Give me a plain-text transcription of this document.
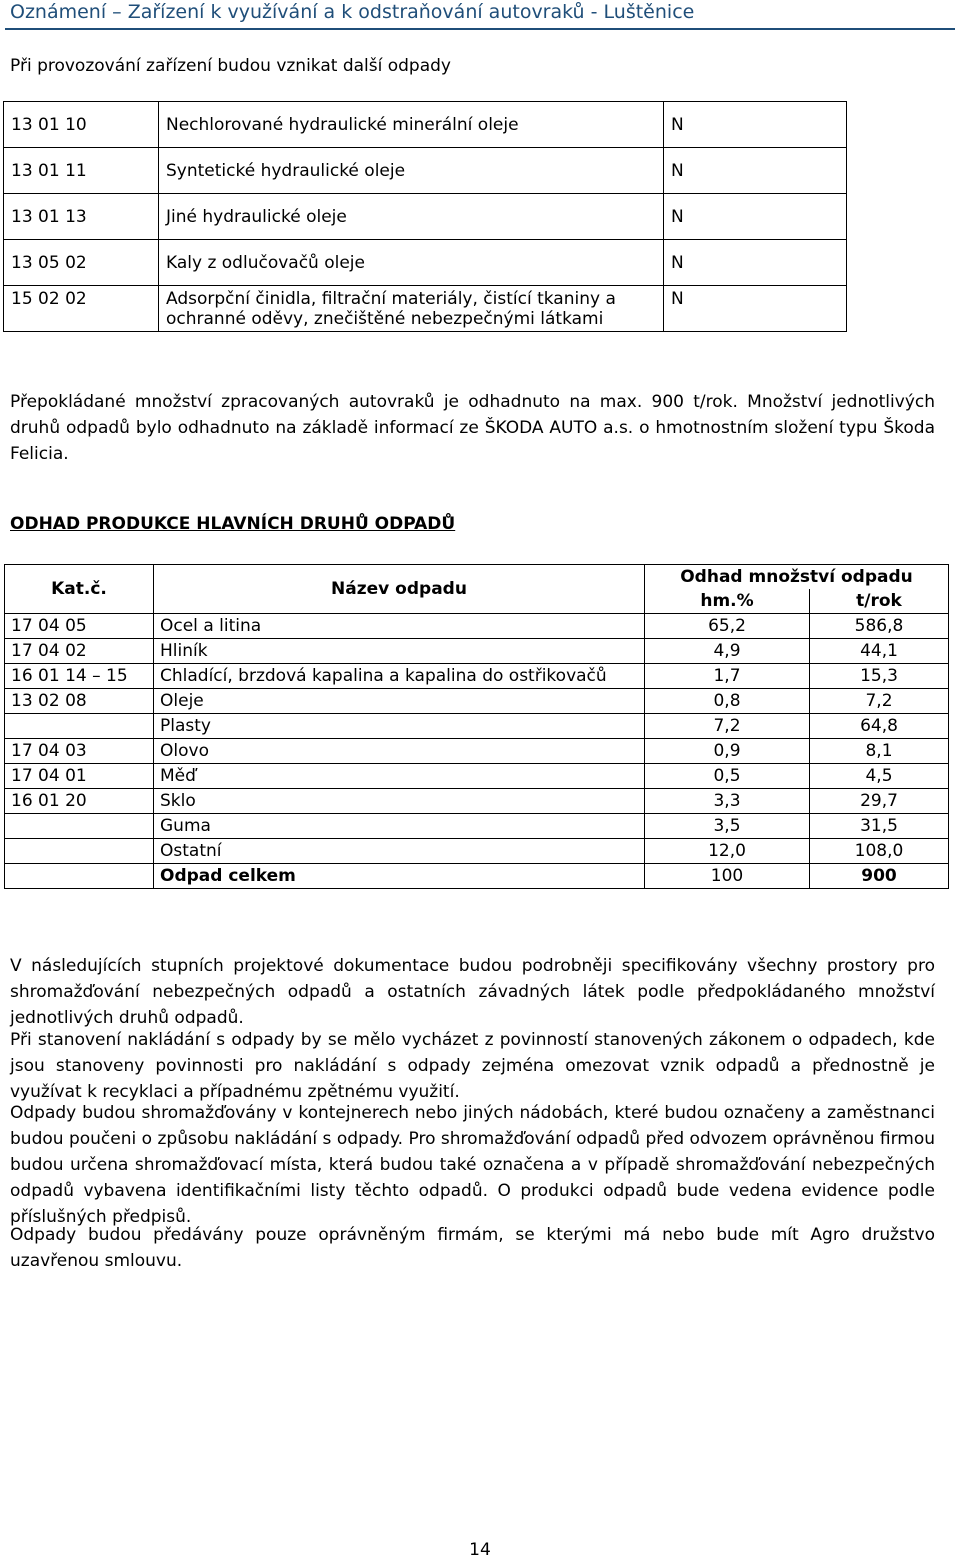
Oznámení – Zařízení k využívání a k odstraňování autovraků - Luštěnice
Při provozování zařízení budou vznikat další odpady
13 01 10	Nechlorované hydraulické minerální oleje	N
13 01 11	Syntetické hydraulické oleje	N
13 01 13	Jiné hydraulické oleje	N
13 05 02	Kaly z odlučovačů oleje	N
15 02 02	Adsorpční činidla, filtrační materiály, čistící tkaniny a ochranné oděvy, znečištěné nebezpečnými látkami	N
Přepokládané množství zpracovaných autovraků je odhadnuto na max. 900 t/rok. Množství jednotlivých druhů odpadů bylo odhadnuto na základě informací ze ŠKODA AUTO a.s. o hmotnostním složení typu Škoda Felicia.
ODHAD PRODUKCE HLAVNÍCH DRUHŮ ODPADŮ
Kat.č.	Název odpadu	Odhad množství odpadu	
		hm.%	t/rok
17 04 05	Ocel a litina	65,2	586,8
17 04 02	Hliník	4,9	44,1
16 01 14 – 15	Chladící, brzdová kapalina a kapalina do ostřikovačů	1,7	15,3
13 02 08	Oleje	0,8	7,2
	Plasty	7,2	64,8
17 04 03	Olovo	0,9	8,1
17 04 01	Měď	0,5	4,5
16 01 20	Sklo	3,3	29,7
	Guma	3,5	31,5
	Ostatní	12,0	108,0
	Odpad celkem	100	900
V následujících stupních projektové dokumentace budou podrobněji specifikovány všechny prostory pro shromažďování nebezpečných odpadů a ostatních závadných látek podle předpokládaného množství jednotlivých druhů odpadů.
Při stanovení nakládání s odpady by se mělo vycházet z povinností stanovených zákonem o odpadech, kde jsou stanoveny povinnosti pro nakládání s odpady zejména omezovat vznik odpadů a přednostně je využívat k recyklaci a případnému zpětnému využití.
Odpady budou shromažďovány v kontejnerech nebo jiných nádobách, které budou označeny a zaměstnanci budou poučeni o způsobu nakládání s odpady. Pro shromažďování odpadů před odvozem oprávněnou firmou budou určena shromažďovací místa, která budou také označena a v případě shromažďování nebezpečných odpadů vybavena identifikačními listy těchto odpadů. O produkci odpadů bude vedena evidence podle příslušných předpisů.
Odpady budou předávány pouze oprávněným firmám, se kterými má nebo bude mít Agro družstvo uzavřenou smlouvu.
14
